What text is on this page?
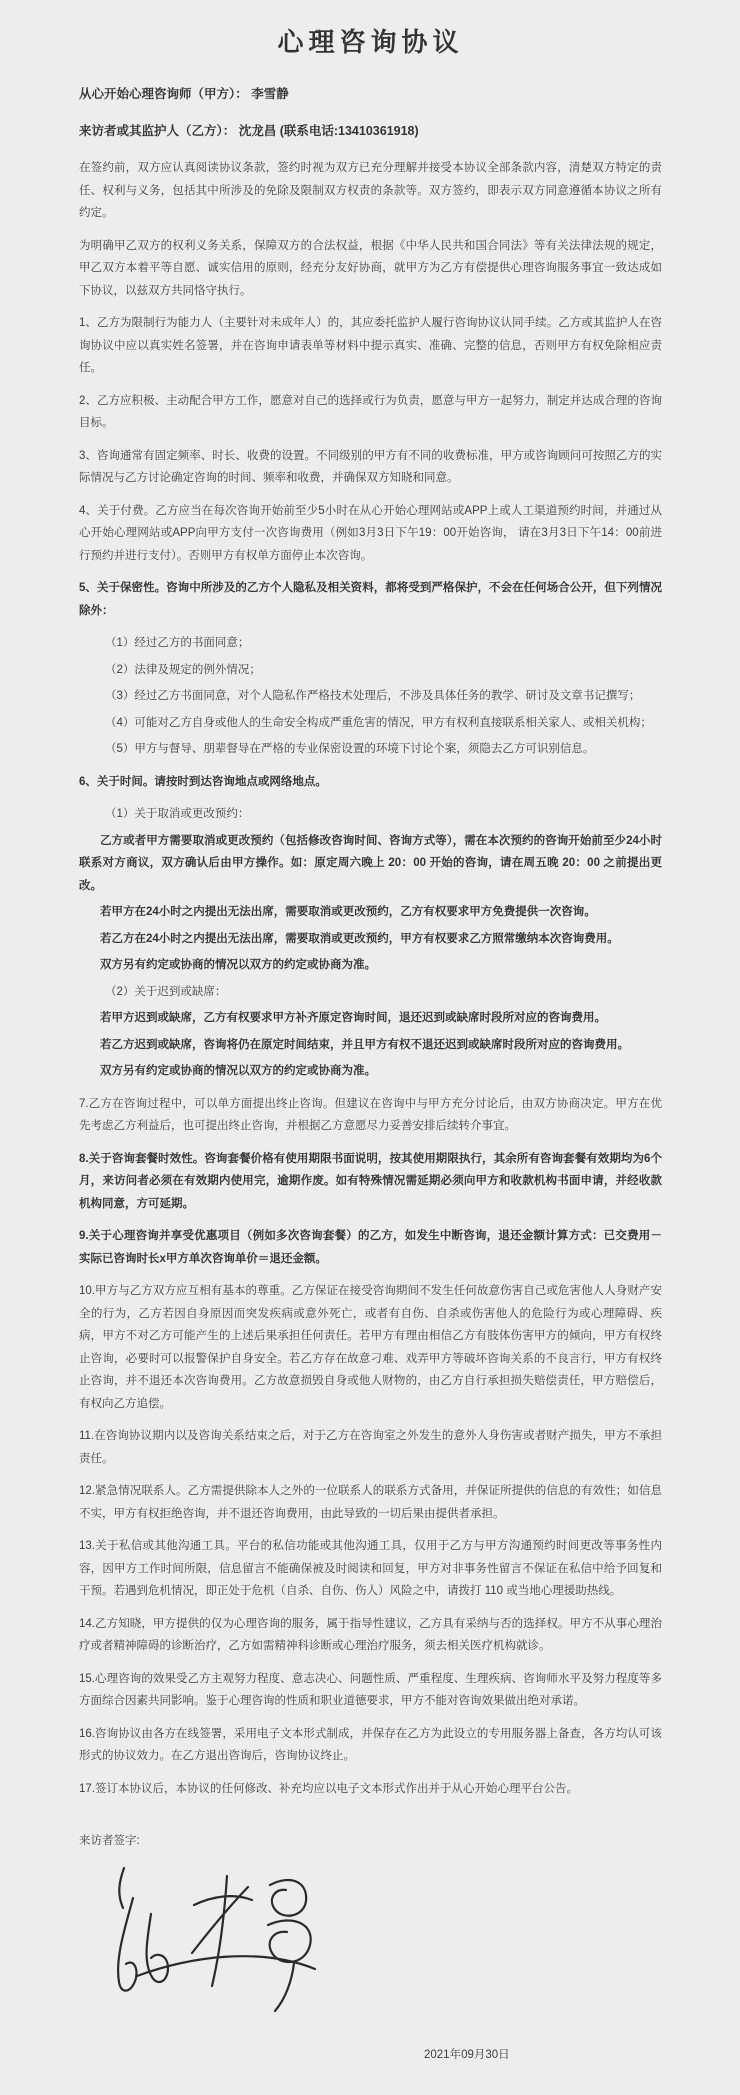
心理咨询协议
从心开始心理咨询师（甲方）： 李雪静
来访者或其监护人（乙方）： 沈龙昌 (联系电话:13410361918)

在签约前，双方应认真阅读协议条款，签约时视为双方已充分理解并接受本协议全部条款内容，清楚双方特定的责任、权利与义务，包括其中所涉及的免除及限制双方权责的条款等。双方签约，即表示双方同意遵循本协议之所有约定。

为明确甲乙双方的权利义务关系，保障双方的合法权益，根据《中华人民共和国合同法》等有关法律法规的规定，甲乙双方本着平等自愿、诚实信用的原则，经充分友好协商，就甲方为乙方有偿提供心理咨询服务事宜一致达成如下协议，以兹双方共同恪守执行。

1、乙方为限制行为能力人（主要针对未成年人）的，其应委托监护人履行咨询协议认同手续。乙方或其监护人在咨询协议中应以真实姓名签署，并在咨询申请表单等材料中提示真实、准确、完整的信息，否则甲方有权免除相应责任。

2、乙方应积极、主动配合甲方工作，愿意对自己的选择或行为负责，愿意与甲方一起努力，制定并达成合理的咨询目标。

3、咨询通常有固定频率、时长、收费的设置。不同级别的甲方有不同的收费标准，甲方或咨询顾问可按照乙方的实际情况与乙方讨论确定咨询的时间、频率和收费，并确保双方知晓和同意。

4、关于付费。乙方应当在每次咨询开始前至少5小时在从心开始心理网站或APP上或人工渠道预约时间，并通过从心开始心理网站或APP向甲方支付一次咨询费用（例如3月3日下午19：00开始咨询， 请在3月3日下午14：00前进行预约并进行支付）。否则甲方有权单方面停止本次咨询。

5、关于保密性。咨询中所涉及的乙方个人隐私及相关资料，都将受到严格保护，不会在任何场合公开，但下列情况除外：

（1）经过乙方的书面同意；

（2）法律及规定的例外情况；

（3）经过乙方书面同意，对个人隐私作严格技术处理后，不涉及具体任务的教学、研讨及文章书记撰写；

（4）可能对乙方自身或他人的生命安全构成严重危害的情况，甲方有权利直接联系相关家人、或相关机构；

（5）甲方与督导、朋辈督导在严格的专业保密设置的环境下讨论个案，须隐去乙方可识别信息。

6、关于时间。请按时到达咨询地点或网络地点。

（1）关于取消或更改预约：

乙方或者甲方需要取消或更改预约（包括修改咨询时间、咨询方式等），需在本次预约的咨询开始前至少24小时联系对方商议，双方确认后由甲方操作。如：原定周六晚上 20：00 开始的咨询，请在周五晚 20：00 之前提出更改。

若甲方在24小时之内提出无法出席，需要取消或更改预约，乙方有权要求甲方免费提供一次咨询。

若乙方在24小时之内提出无法出席，需要取消或更改预约，甲方有权要求乙方照常缴纳本次咨询费用。

双方另有约定或协商的情况以双方的约定或协商为准。

（2）关于迟到或缺席：

若甲方迟到或缺席，乙方有权要求甲方补齐原定咨询时间，退还迟到或缺席时段所对应的咨询费用。

若乙方迟到或缺席，咨询将仍在原定时间结束，并且甲方有权不退还迟到或缺席时段所对应的咨询费用。

双方另有约定或协商的情况以双方的约定或协商为准。

7.乙方在咨询过程中，可以单方面提出终止咨询。但建议在咨询中与甲方充分讨论后，由双方协商决定。甲方在优先考虑乙方利益后，也可提出终止咨询，并根据乙方意愿尽力妥善安排后续转介事宜。

8.关于咨询套餐时效性。咨询套餐价格有使用期限书面说明，按其使用期限执行，其余所有咨询套餐有效期均为6个月，来访问者必须在有效期内使用完，逾期作废。如有特殊情况需延期必须向甲方和收款机构书面申请，并经收款机构同意，方可延期。

9.关于心理咨询并享受优惠项目（例如多次咨询套餐）的乙方，如发生中断咨询，退还金额计算方式：已交费用－实际已咨询时长x甲方单次咨询单价＝退还金额。

10.甲方与乙方双方应互相有基本的尊重。乙方保证在接受咨询期间不发生任何故意伤害自己或危害他人人身财产安全的行为，乙方若因自身原因而突发疾病或意外死亡，或者有自伤、自杀或伤害他人的危险行为或心理障碍、疾病，甲方不对乙方可能产生的上述后果承担任何责任。若甲方有理由相信乙方有肢体伤害甲方的倾向，甲方有权终止咨询，必要时可以报警保护自身安全。若乙方存在故意刁难、戏弄甲方等破坏咨询关系的不良言行，甲方有权终止咨询，并不退还本次咨询费用。乙方故意损毁自身或他人财物的，由乙方自行承担损失赔偿责任，甲方赔偿后，有权向乙方追偿。

11.在咨询协议期内以及咨询关系结束之后，对于乙方在咨询室之外发生的意外人身伤害或者财产损失，甲方不承担责任。

12.紧急情况联系人。乙方需提供除本人之外的一位联系人的联系方式备用，并保证所提供的信息的有效性；如信息不实，甲方有权拒绝咨询，并不退还咨询费用，由此导致的一切后果由提供者承担。

13.关于私信或其他沟通工具。平台的私信功能或其他沟通工具，仅用于乙方与甲方沟通预约时间更改等事务性内容，因甲方工作时间所限，信息留言不能确保被及时阅读和回复，甲方对非事务性留言不保证在私信中给予回复和干预。若遇到危机情况，即正处于危机（自杀、自伤、伤人）风险之中，请拨打 110 或当地心理援助热线。

14.乙方知晓，甲方提供的仅为心理咨询的服务，属于指导性建议，乙方具有采纳与否的选择权。甲方不从事心理治疗或者精神障碍的诊断治疗，乙方如需精神科诊断或心理治疗服务，须去相关医疗机构就诊。

15.心理咨询的效果受乙方主观努力程度、意志决心、问题性质、严重程度、生理疾病、咨询师水平及努力程度等多方面综合因素共同影响。鉴于心理咨询的性质和职业道德要求，甲方不能对咨询效果做出绝对承诺。

16.咨询协议由各方在线签署，采用电子文本形式制成，并保存在乙方为此设立的专用服务器上备查，各方均认可该形式的协议效力。在乙方退出咨询后，咨询协议终止。

17.签订本协议后，本协议的任何修改、补充均应以电子文本形式作出并于从心开始心理平台公告。

来访者签字:
2021年09月30日
